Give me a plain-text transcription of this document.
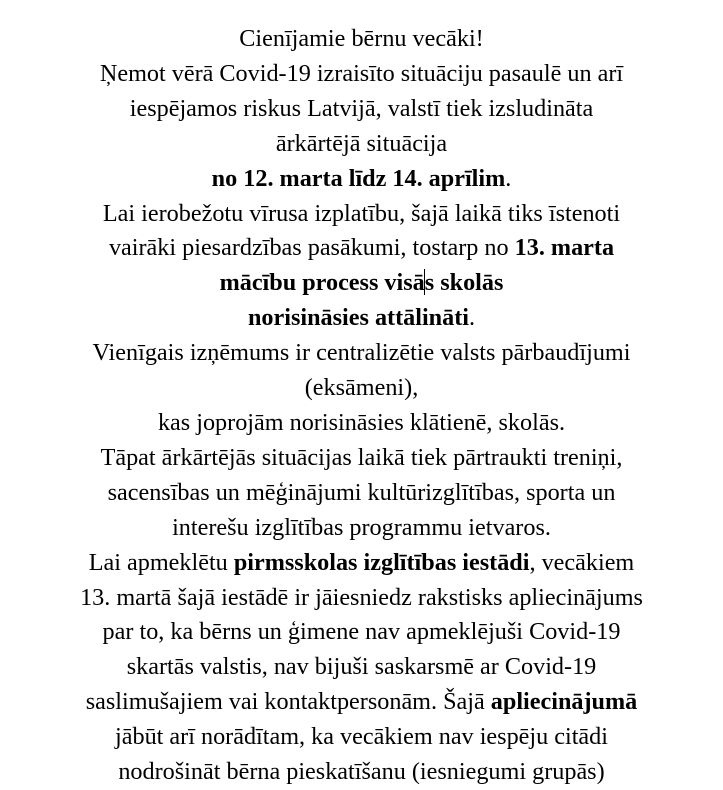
Cienījamie bērnu vecāki!
Ņemot vērā Covid-19 izraisīto situāciju pasaulē un arī
iespējamos riskus Latvijā, valstī tiek izsludināta
ārkārtējā situācija
no 12. marta līdz 14. aprīlim.
Lai ierobežotu vīrusa izplatību, šajā laikā tiks īstenoti
vairāki piesardzības pasākumi, tostarp no 13. marta
mācību process visās skolās
norisināsies attālināti.
Vienīgais izņēmums ir centralizētie valsts pārbaudījumi
(eksāmeni),
kas joprojām norisināsies klātienē, skolās.
Tāpat ārkārtējās situācijas laikā tiek pārtraukti treniņi,
sacensības un mēģinājumi kultūrizglītības, sporta un
interešu izglītības programmu ietvaros.
Lai apmeklētu pirmsskolas izglītības iestādi, vecākiem
13. martā šajā iestādē ir jāiesniedz rakstisks apliecinājums
par to, ka bērns un ģimene nav apmeklējuši Covid-19
skartās valstis, nav bijuši saskarsmē ar Covid-19
saslimušajiem vai kontaktpersonām. Šajā apliecinājumā
jābūt arī norādītam, ka vecākiem nav iespēju citādi
nodrošināt bērna pieskatīšanu (iesniegumi grupās)
